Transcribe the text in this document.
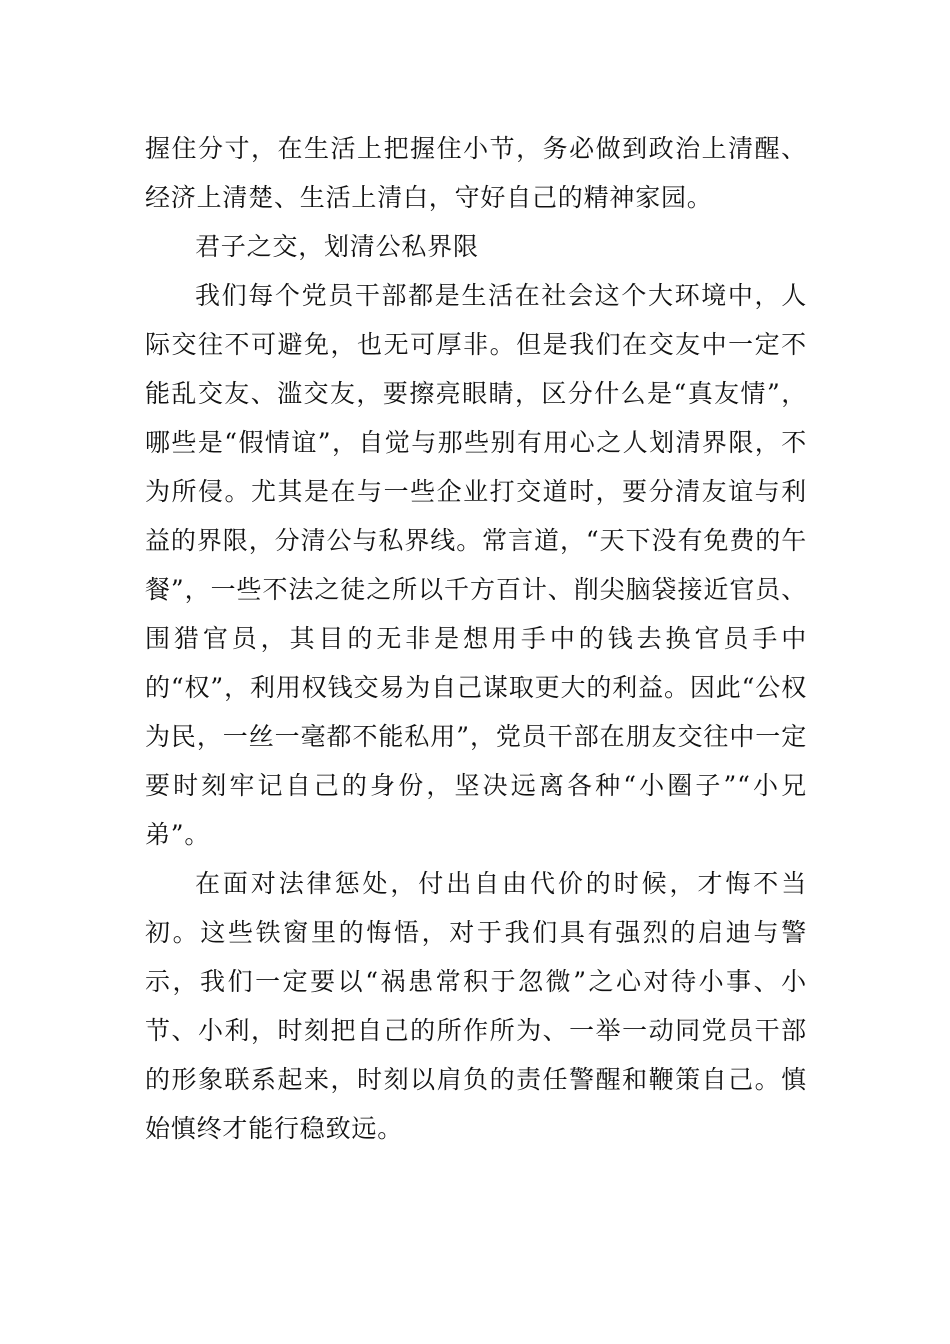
握住分寸，在生活上把握住小节，务必做到政治上清醒、经济上清楚、生活上清白，守好自己的精神家园。

君子之交，划清公私界限

我们每个党员干部都是生活在社会这个大环境中，人际交往不可避免，也无可厚非。但是我们在交友中一定不能乱交友、滥交友，要擦亮眼睛，区分什么是“真友情”，哪些是“假情谊”，自觉与那些别有用心之人划清界限，不为所侵。尤其是在与一些企业打交道时，要分清友谊与利益的界限，分清公与私界线。常言道，“天下没有免费的午餐”，一些不法之徒之所以千方百计、削尖脑袋接近官员、围猎官员，其目的无非是想用手中的钱去换官员手中的“权”，利用权钱交易为自己谋取更大的利益。因此“公权为民，一丝一毫都不能私用”，党员干部在朋友交往中一定要时刻牢记自己的身份，坚决远离各种“小圈子”“小兄弟”。

在面对法律惩处，付出自由代价的时候，才悔不当初。这些铁窗里的悔悟，对于我们具有强烈的启迪与警示，我们一定要以“祸患常积于忽微”之心对待小事、小节、小利，时刻把自己的所作所为、一举一动同党员干部的形象联系起来，时刻以肩负的责任警醒和鞭策自己。慎始慎终才能行稳致远。
